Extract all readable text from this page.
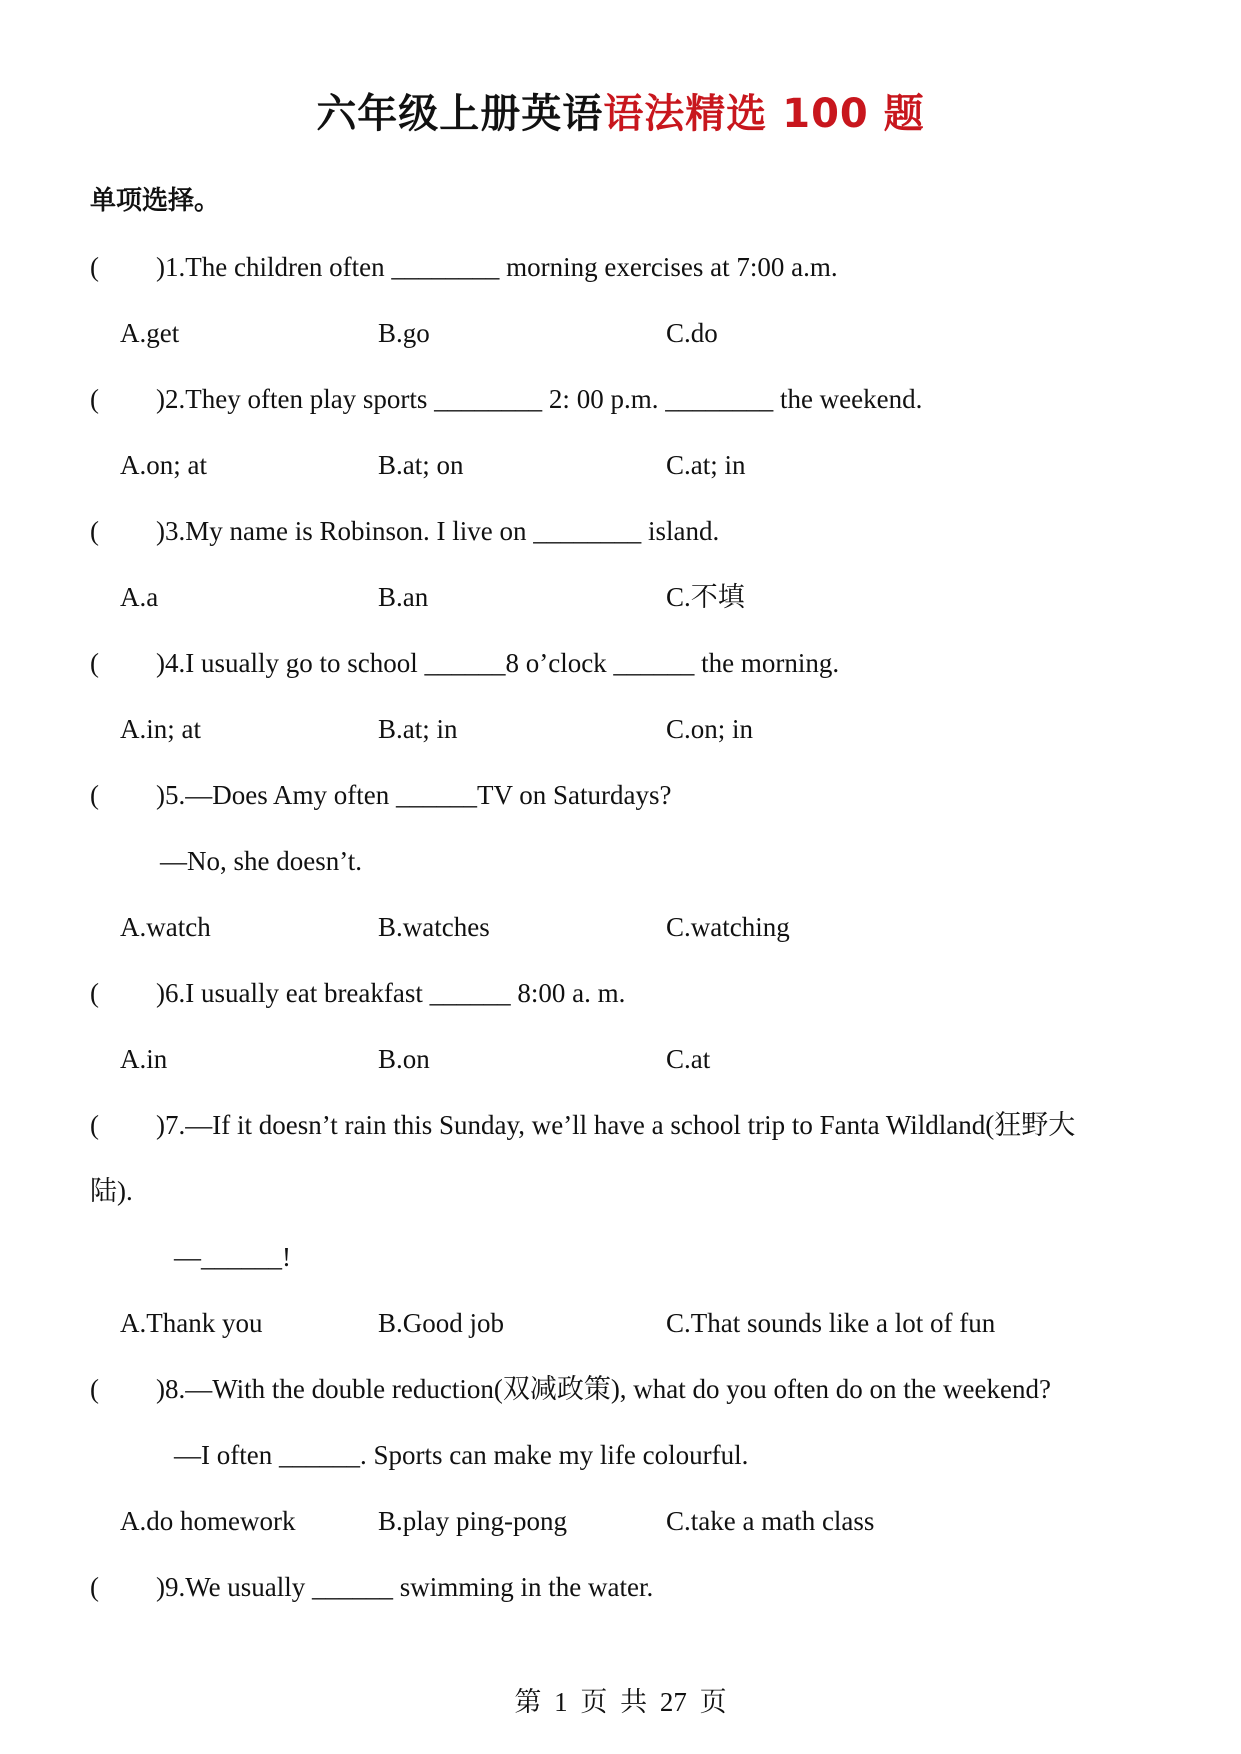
六年级上册英语语法精选 100 题
单项选择。
( )1.The children often ________ morning exercises at 7:00 a.m.
A.get	B.go	C.do
( )2.They often play sports ________ 2: 00 p.m. ________ the weekend.
A.on; at	B.at; on	C.at; in
( )3.My name is Robinson. I live on ________ island.
A.a	B.an	C.不填
( )4.I usually go to school ______8 o’clock ______ the morning.
A.in; at	B.at; in	C.on; in
( )5.—Does Amy often ______TV on Saturdays?
—No, she doesn’t.
A.watch	B.watches	C.watching
( )6.I usually eat breakfast ______ 8:00 a. m.
A.in	B.on	C.at
( )7.—If it doesn’t rain this Sunday, we’ll have a school trip to Fanta Wildland(狂野大
陆).
—______!
A.Thank you	B.Good job	C.That sounds like a lot of fun
( )8.—With the double reduction(双减政策), what do you often do on the weekend?
—I often ______. Sports can make my life colourful.
A.do homework	B.play ping-pong	C.take a math class
( )9.We usually ______ swimming in the water.
第 1 页 共 27 页
